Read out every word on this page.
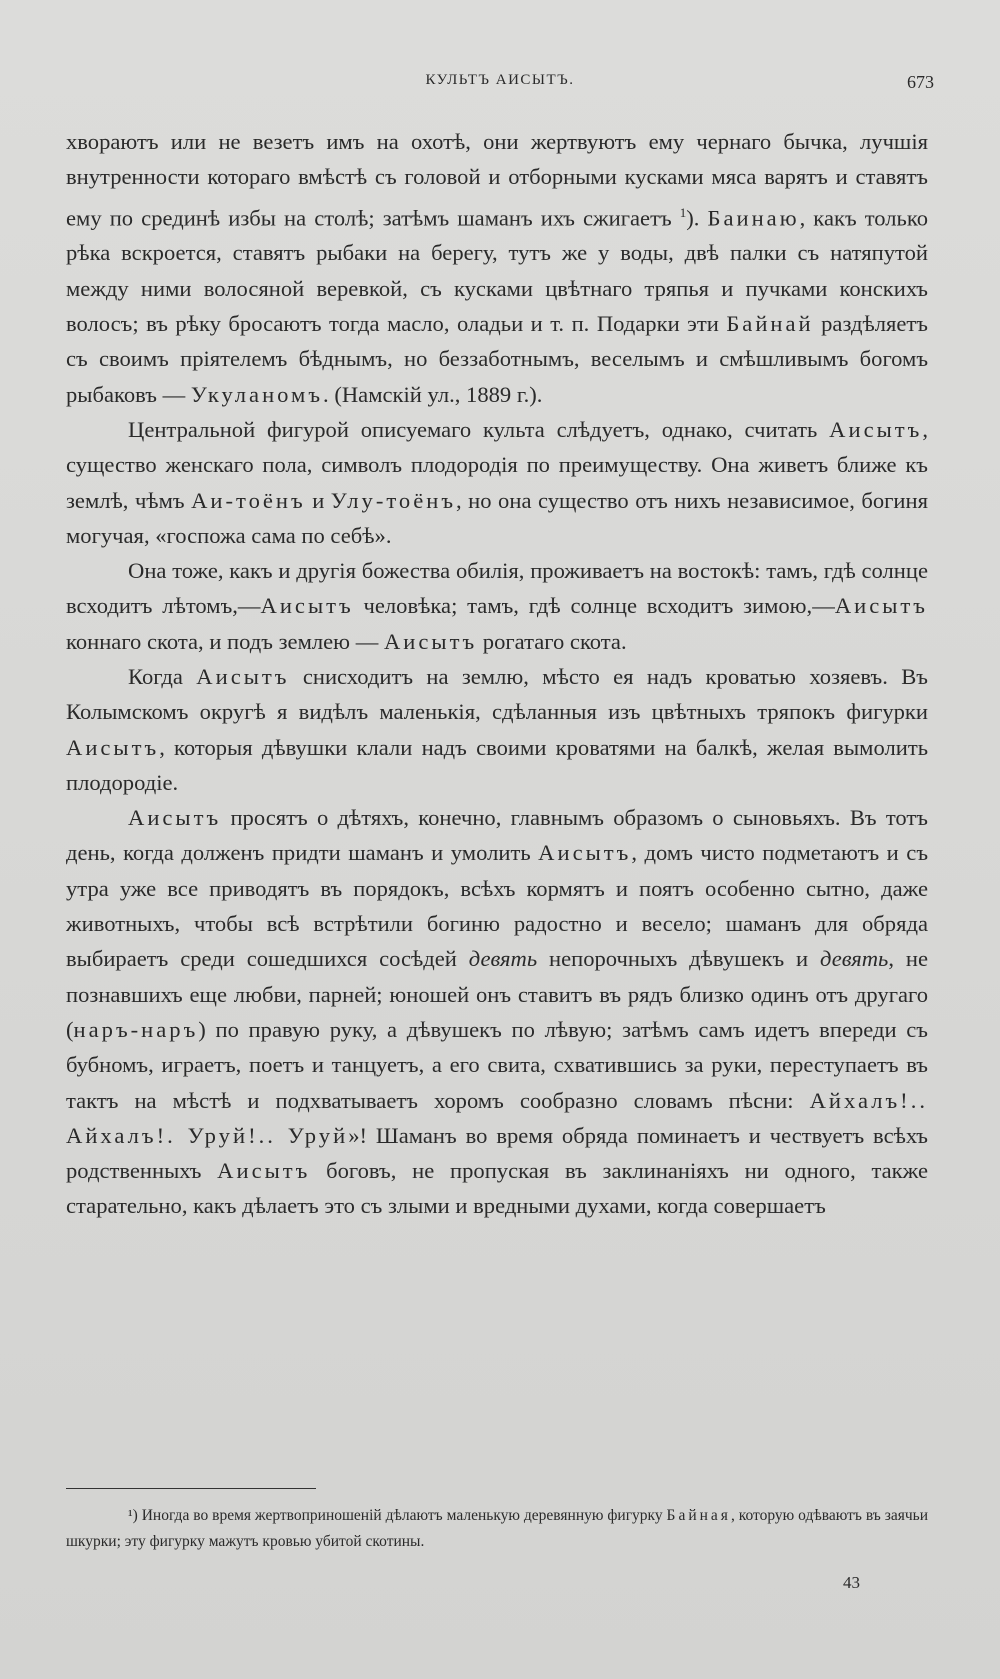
КУЛЬТЪ АИСЫТЪ.	673

хвораютъ или не везетъ имъ на охотѣ, они жертвуютъ ему чернаго бычка, лучшія внутренности котораго вмѣстѣ съ головой и отборными кусками мяса варятъ и ставятъ ему по срединѣ избы на столѣ; затѣмъ шаманъ ихъ сжигаетъ $^1$). Баинаю, какъ только рѣка вскроется, ставятъ рыбаки на берегу, тутъ же у воды, двѣ палки съ натяпутой между ними волосяной веревкой, съ кусками цвѣтнаго тряпья и пучками конскихъ волосъ; въ рѣку бросаютъ тогда масло, оладьи и т. п. Подарки эти Байнай раздѣляетъ съ своимъ пріятелемъ бѣднымъ, но беззаботнымъ, веселымъ и смѣшливымъ богомъ рыбаковъ — Укуланомъ. (Намскій ул., 1889 г.).

Центральной фигурой описуемаго культа слѣдуетъ, однако, считать Аисытъ, существо женскаго пола, символъ плодородія по преимуществу. Она живетъ ближе къ землѣ, чѣмъ Аи-тоёнъ и Улу-тоёнъ, но она существо отъ нихъ независимое, богиня могучая, «госпожа сама по себѣ».

Она тоже, какъ и другія божества обилія, проживаетъ на востокѣ: тамъ, гдѣ солнце всходитъ лѣтомъ,—Аисытъ человѣка; тамъ, гдѣ солнце всходитъ зимою,—Аисытъ коннаго скота, и подъ землею — Аисытъ рогатаго скота.

Когда Аисытъ снисходитъ на землю, мѣсто ея надъ кроватью хозяевъ. Въ Колымскомъ округѣ я видѣлъ маленькія, сдѣланныя изъ цвѣтныхъ тряпокъ фигурки Аисытъ, которыя дѣвушки клали надъ своими кроватями на балкѣ, желая вымолить плодородіе.

Аисытъ просятъ о дѣтяхъ, конечно, главнымъ образомъ о сыновьяхъ. Въ тотъ день, когда долженъ придти шаманъ и умолить Аисытъ, домъ чисто подметаютъ и съ утра уже все приводятъ въ порядокъ, всѣхъ кормятъ и поятъ особенно сытно, даже животныхъ, чтобы всѣ встрѣтили богиню радостно и весело; шаманъ для обряда выбираетъ среди сошедшихся сосѣдей девять непорочныхъ дѣвушекъ и девять, не познавшихъ еще любви, парней; юношей онъ ставитъ въ рядъ близко одинъ отъ другаго (наръ-наръ) по правую руку, а дѣвушекъ по лѣвую; затѣмъ самъ идетъ впереди съ бубномъ, играетъ, поетъ и танцуетъ, а его свита, схватившись за руки, переступаетъ въ тактъ на мѣстѣ и подхватываетъ хоромъ сообразно словамъ пѣсни: Айхалъ!.. Айхалъ!. Уруй!.. Уруй»! Шаманъ во время обряда поминаетъ и чествуетъ всѣхъ родственныхъ Аисытъ боговъ, не пропуская въ заклинаніяхъ ни одного, также старательно, какъ дѣлаетъ это съ злыми и вредными духами, когда совершаетъ

¹) Иногда во время жертвоприношеній дѣлаютъ маленькую деревянную фигурку Байная, которую одѣваютъ въ заячьи шкурки; эту фигурку мажутъ кровью убитой скотины.

43
